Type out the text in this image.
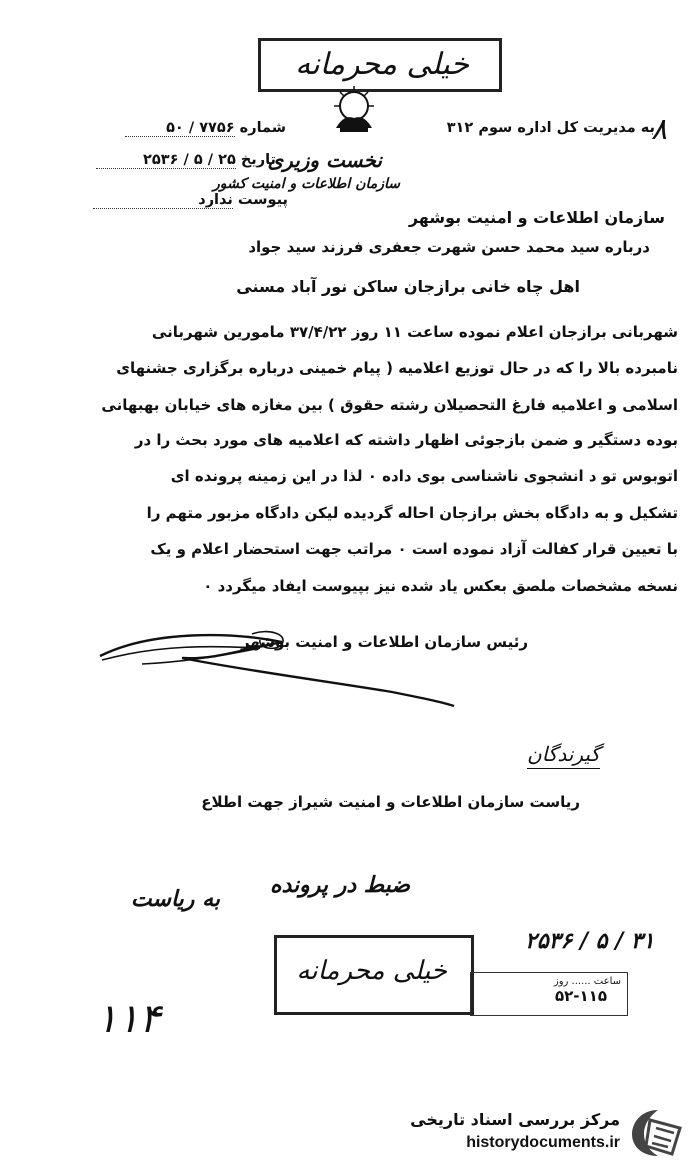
خیلی محرمانه
۸
به مدیریت کل اداره سوم ۳۱۲
شماره ۷۷۵۶ / ۵۰
نخست وزیری
تاریخ ۲۵ / ۵ / ۲۵۳۶
سازمان اطلاعات و امنیت کشور
پیوست ندارد
سازمان اطلاعات و امنیت بوشهر
درباره سید محمد حسن شهرت جعفری فرزند سید جواد
اهل چاه خانی برازجان ساکن نور آباد مسنی
شهربانی برازجان اعلام نموده ساعت ۱۱ روز ۳۷/۴/۲۲ مامورین شهربانی
نامبرده بالا را که در حال توزیع اعلامیه ( پیام خمینی درباره برگزاری جشنهای
اسلامی و اعلامیه فارغ التحصیلان رشته حقوق ) بین مغازه های خیابان بهبهانی
بوده دستگیر و ضمن بازجوئی اظهار داشته که اعلامیه های مورد بحث را در
اتوبوس تو د انشجوی ناشناسی بوی داده ۰ لذا در این زمینه پرونده ای
تشکیل و به دادگاه بخش برازجان احاله گردیده لیکن دادگاه مزبور متهم را
با تعیین قرار کفالت آزاد نموده است ۰ مراتب جهت استحضار اعلام و یک
نسخه مشخصات ملصق بعکس یاد شده نیز بپیوست ایفاد میگردد ۰
رئیس سازمان اطلاعات و امنیت بوشهر
گیرندگان
ریاست سازمان اطلاعات و امنیت شیراز جهت اطلاع
به ریاست
ضبط در پرونده
۲۵۳۶ / ۵ / ۳۱
۱۱۴
خیلی محرمانه	ساعت ...... روز
۵۲-۱۱۵
مرکز بررسی اسناد تاریخی
historydocuments.ir
